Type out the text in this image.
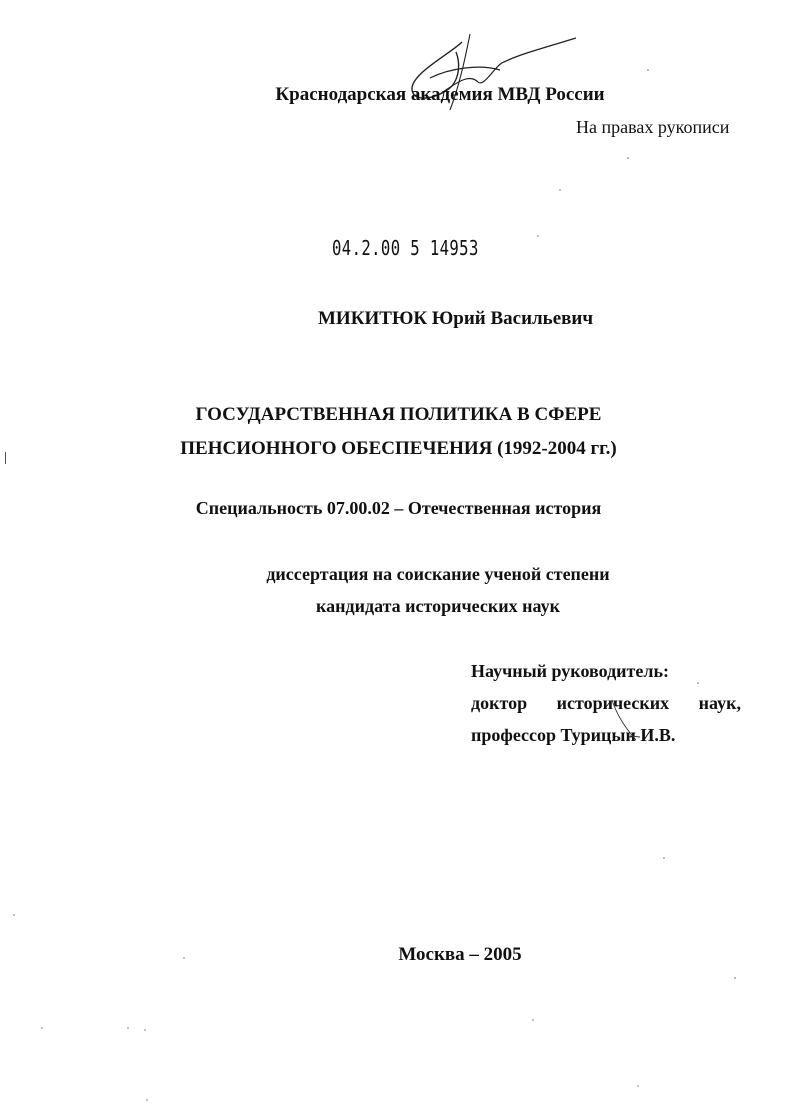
Краснодарская академия МВД России

На правах рукописи

04.2.00 5 14953

МИКИТЮК Юрий Васильевич

ГОСУДАРСТВЕННАЯ ПОЛИТИКА В СФЕРЕ

ПЕНСИОННОГО ОБЕСПЕЧЕНИЯ (1992-2004 гг.)

Специальность 07.00.02 – Отечественная история

диссертация на соискание ученой степени

кандидата исторических наук

Научный руководитель:

доктор исторических наук,

профессор Турицын И.В.

Москва – 2005
